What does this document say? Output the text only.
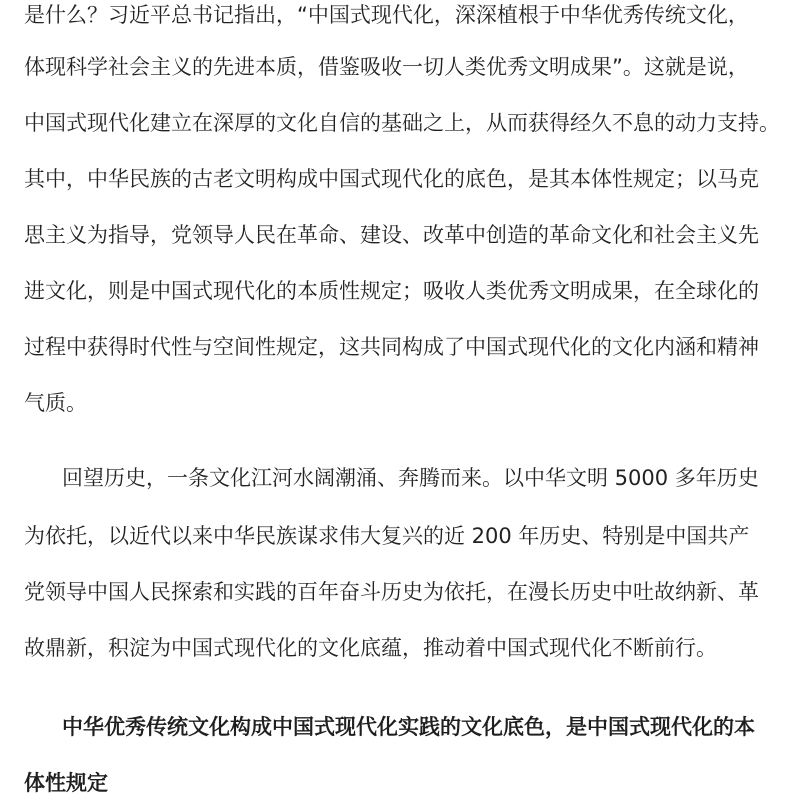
是什么？习近平总书记指出，“中国式现代化，深深植根于中华优秀传统文化，
体现科学社会主义的先进本质，借鉴吸收一切人类优秀文明成果”。这就是说，
中国式现代化建立在深厚的文化自信的基础之上，从而获得经久不息的动力支持。
其中，中华民族的古老文明构成中国式现代化的底色，是其本体性规定；以马克
思主义为指导，党领导人民在革命、建设、改革中创造的革命文化和社会主义先
进文化，则是中国式现代化的本质性规定；吸收人类优秀文明成果，在全球化的
过程中获得时代性与空间性规定，这共同构成了中国式现代化的文化内涵和精神
气质。
回望历史，一条文化江河水阔潮涌、奔腾而来。以中华文明 5000 多年历史
为依托，以近代以来中华民族谋求伟大复兴的近 200 年历史、特别是中国共产
党领导中国人民探索和实践的百年奋斗历史为依托，在漫长历史中吐故纳新、革
故鼎新，积淀为中国式现代化的文化底蕴，推动着中国式现代化不断前行。
中华优秀传统文化构成中国式现代化实践的文化底色，是中国式现代化的本
体性规定
